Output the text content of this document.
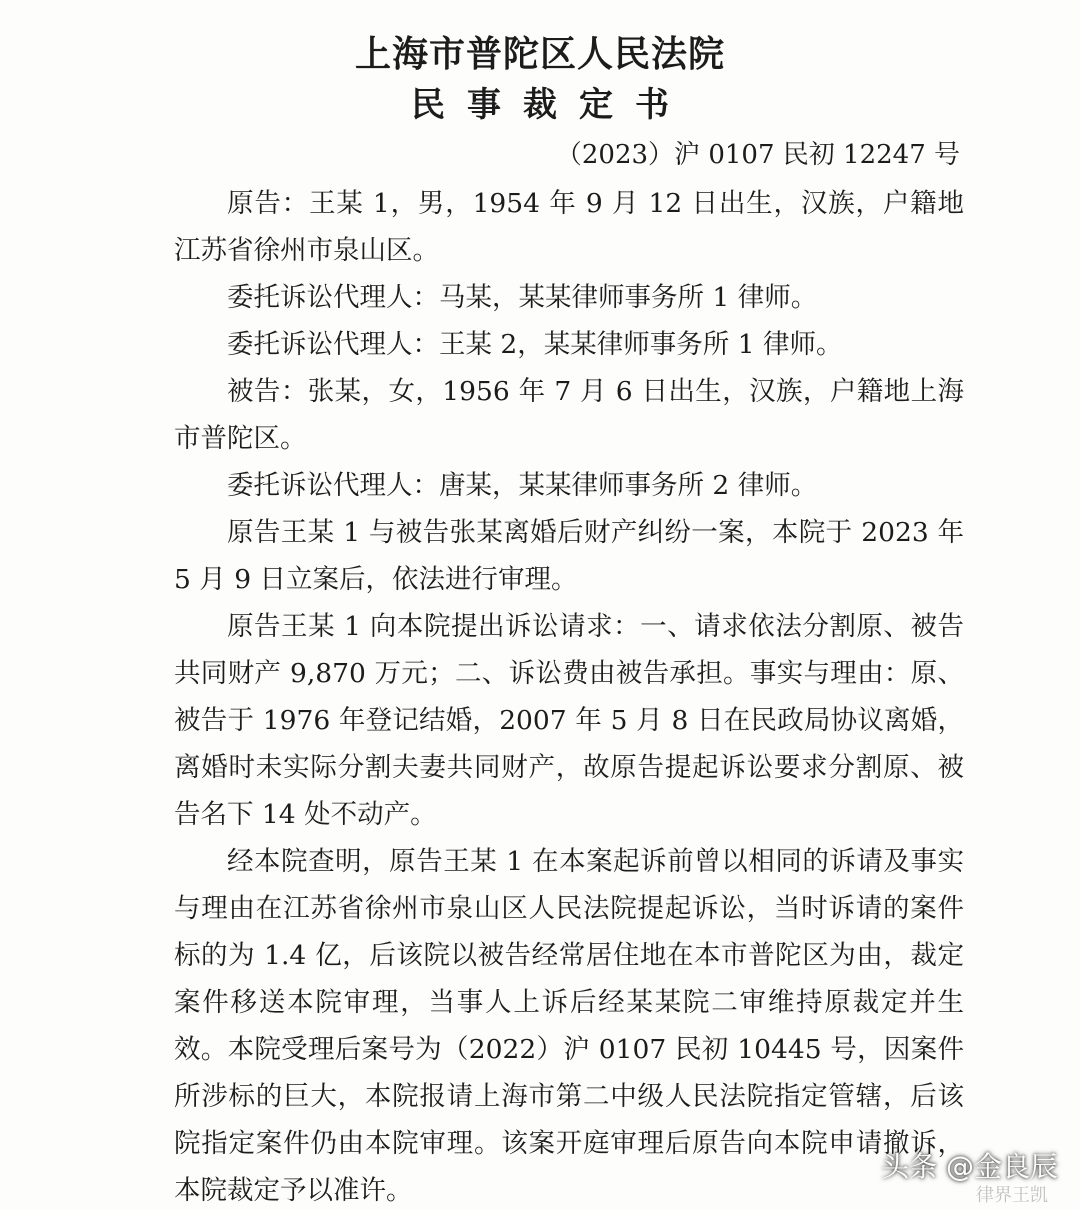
上海市普陀区人民法院
民事裁定书
（2023）沪 0107 民初 12247 号

原告：王某 1，男，1954 年 9 月 12 日出生，汉族，户籍地江苏省徐州市泉山区。

委托诉讼代理人：马某，某某律师事务所 1 律师。

委托诉讼代理人：王某 2，某某律师事务所 1 律师。

被告：张某，女，1956 年 7 月 6 日出生，汉族，户籍地上海市普陀区。

委托诉讼代理人：唐某，某某律师事务所 2 律师。

原告王某 1 与被告张某离婚后财产纠纷一案，本院于 2023 年 5 月 9 日立案后，依法进行审理。

原告王某 1 向本院提出诉讼请求：一、请求依法分割原、被告共同财产 9,870 万元；二、诉讼费由被告承担。事实与理由：原、被告于 1976 年登记结婚，2007 年 5 月 8 日在民政局协议离婚，离婚时未实际分割夫妻共同财产，故原告提起诉讼要求分割原、被告名下 14 处不动产。

经本院查明，原告王某 1 在本案起诉前曾以相同的诉请及事实与理由在江苏省徐州市泉山区人民法院提起诉讼，当时诉请的案件标的为 1.4 亿，后该院以被告经常居住地在本市普陀区为由，裁定案件移送本院审理，当事人上诉后经某某院二审维持原裁定并生效。本院受理后案号为（2022）沪 0107 民初 10445 号，因案件所涉标的巨大，本院报请上海市第二中级人民法院指定管辖，后该院指定案件仍由本院审理。该案开庭审理后原告向本院申请撤诉，本院裁定予以准许。

头条 @金良辰
律界王凯
